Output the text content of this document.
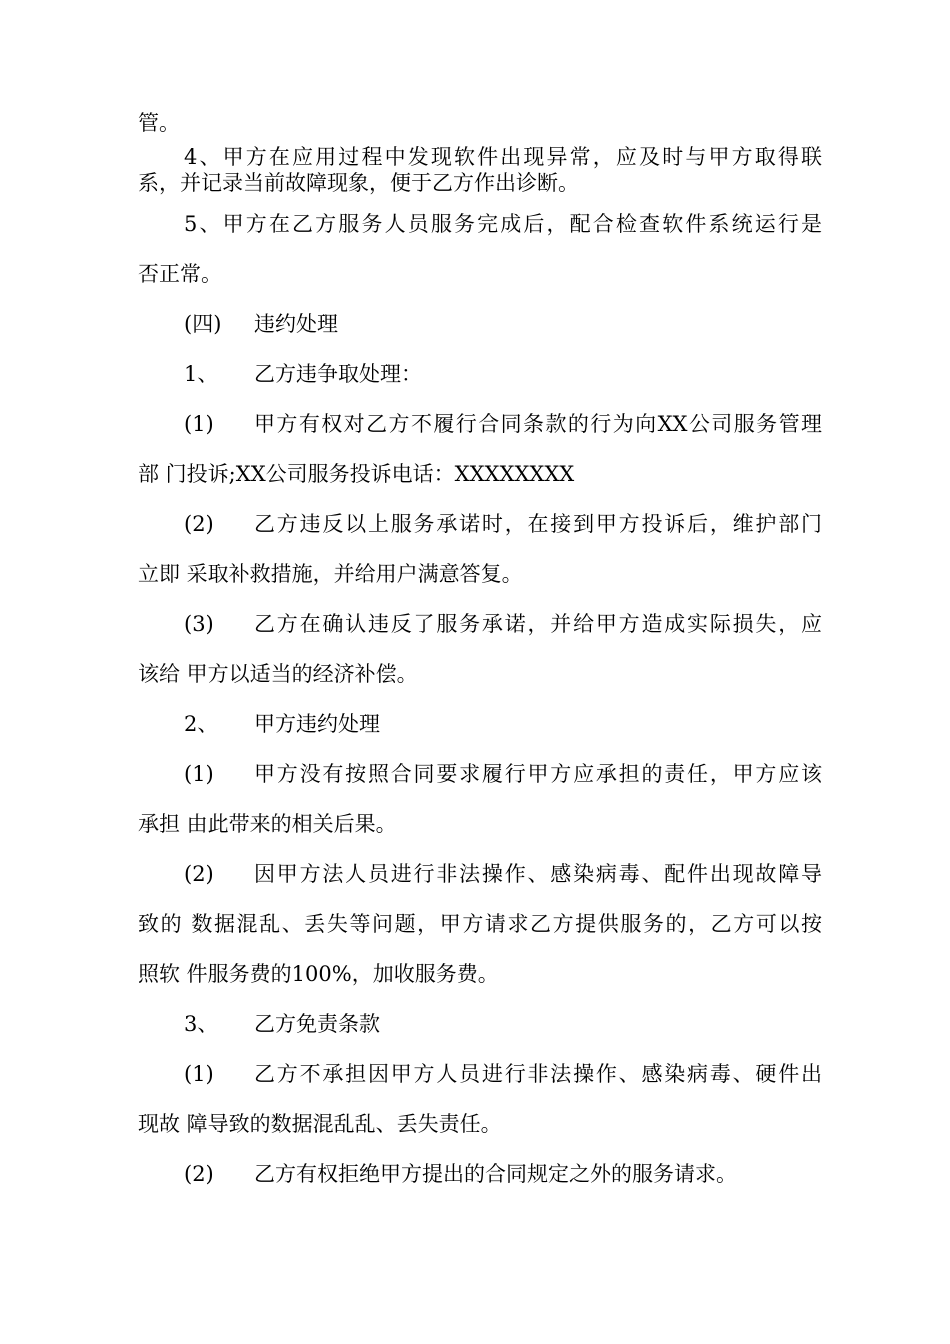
管。
4、甲方在应用过程中发现软件出现异常，应及时与甲方取得联
系，并记录当前故障现象，便于乙方作出诊断。
5、甲方在乙方服务人员服务完成后，配合检查软件系统运行是
否正常。
(四) 违约处理
1、 乙方违争取处理：
(1) 甲方有权对乙方不履行合同条款的行为向XX公司服务管理
部 门投诉;XX公司服务投诉电话：XXXXXXXX
(2) 乙方违反以上服务承诺时，在接到甲方投诉后，维护部门
立即 采取补救措施，并给用户满意答复。
(3) 乙方在确认违反了服务承诺，并给甲方造成实际损失，应
该给 甲方以适当的经济补偿。
2、 甲方违约处理
(1) 甲方没有按照合同要求履行甲方应承担的责任，甲方应该
承担 由此带来的相关后果。
(2) 因甲方法人员进行非法操作、感染病毒、配件出现故障导
致的 数据混乱、丢失等问题，甲方请求乙方提供服务的，乙方可以按
照软 件服务费的100%，加收服务费。
3、 乙方免责条款
(1) 乙方不承担因甲方人员进行非法操作、感染病毒、硬件出
现故 障导致的数据混乱乱、丢失责任。
(2) 乙方有权拒绝甲方提出的合同规定之外的服务请求。
